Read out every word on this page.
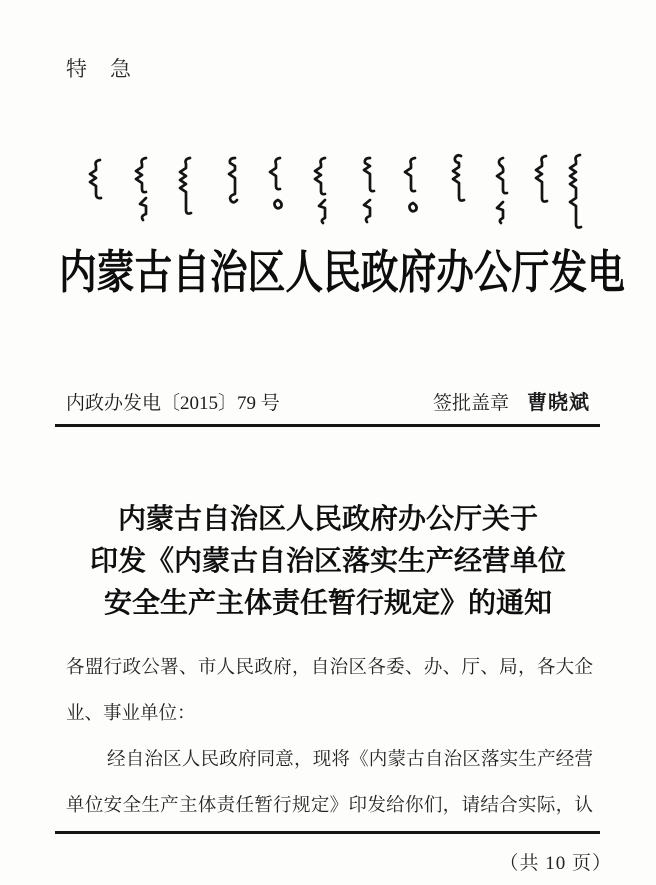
特　急
内蒙古自治区人民政府办公厅发电
内政办发电〔2015〕79 号	签批盖章 曹晓斌
内蒙古自治区人民政府办公厅关于
印发《内蒙古自治区落实生产经营单位
安全生产主体责任暂行规定》的通知
各盟行政公署、市人民政府，自治区各委、办、厅、局，各大企
业、事业单位：
经自治区人民政府同意，现将《内蒙古自治区落实生产经营
单位安全生产主体责任暂行规定》印发给你们，请结合实际，认
（共 10 页）
